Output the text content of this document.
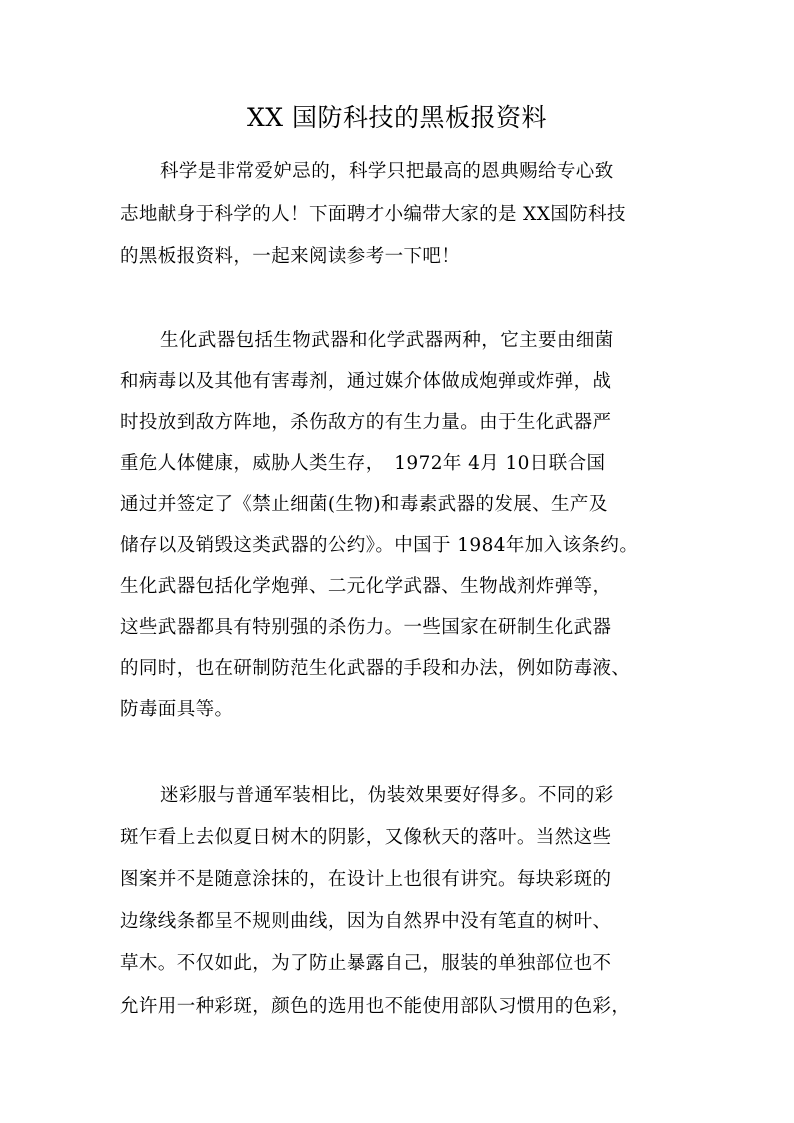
XX 国防科技的黑板报资料
科学是非常爱妒忌的，科学只把最高的恩典赐给专心致
志地献身于科学的人！下面聘才小编带大家的是 XX国防科技
的黑板报资料，一起来阅读参考一下吧！
生化武器包括生物武器和化学武器两种，它主要由细菌
和病毒以及其他有害毒剂，通过媒介体做成炮弹或炸弹，战
时投放到敌方阵地，杀伤敌方的有生力量。由于生化武器严
重危人体健康，威胁人类生存，　1972年 4月 10日联合国
通过并签定了《禁止细菌(生物)和毒素武器的发展、生产及
储存以及销毁这类武器的公约》。中国于 1984年加入该条约。
生化武器包括化学炮弹、二元化学武器、生物战剂炸弹等，
这些武器都具有特别强的杀伤力。一些国家在研制生化武器
的同时，也在研制防范生化武器的手段和办法，例如防毒液、
防毒面具等。
迷彩服与普通军装相比，伪装效果要好得多。不同的彩
斑乍看上去似夏日树木的阴影，又像秋天的落叶。当然这些
图案并不是随意涂抹的，在设计上也很有讲究。每块彩斑的
边缘线条都呈不规则曲线，因为自然界中没有笔直的树叶、
草木。不仅如此，为了防止暴露自己，服装的单独部位也不
允许用一种彩斑，颜色的选用也不能使用部队习惯用的色彩，
